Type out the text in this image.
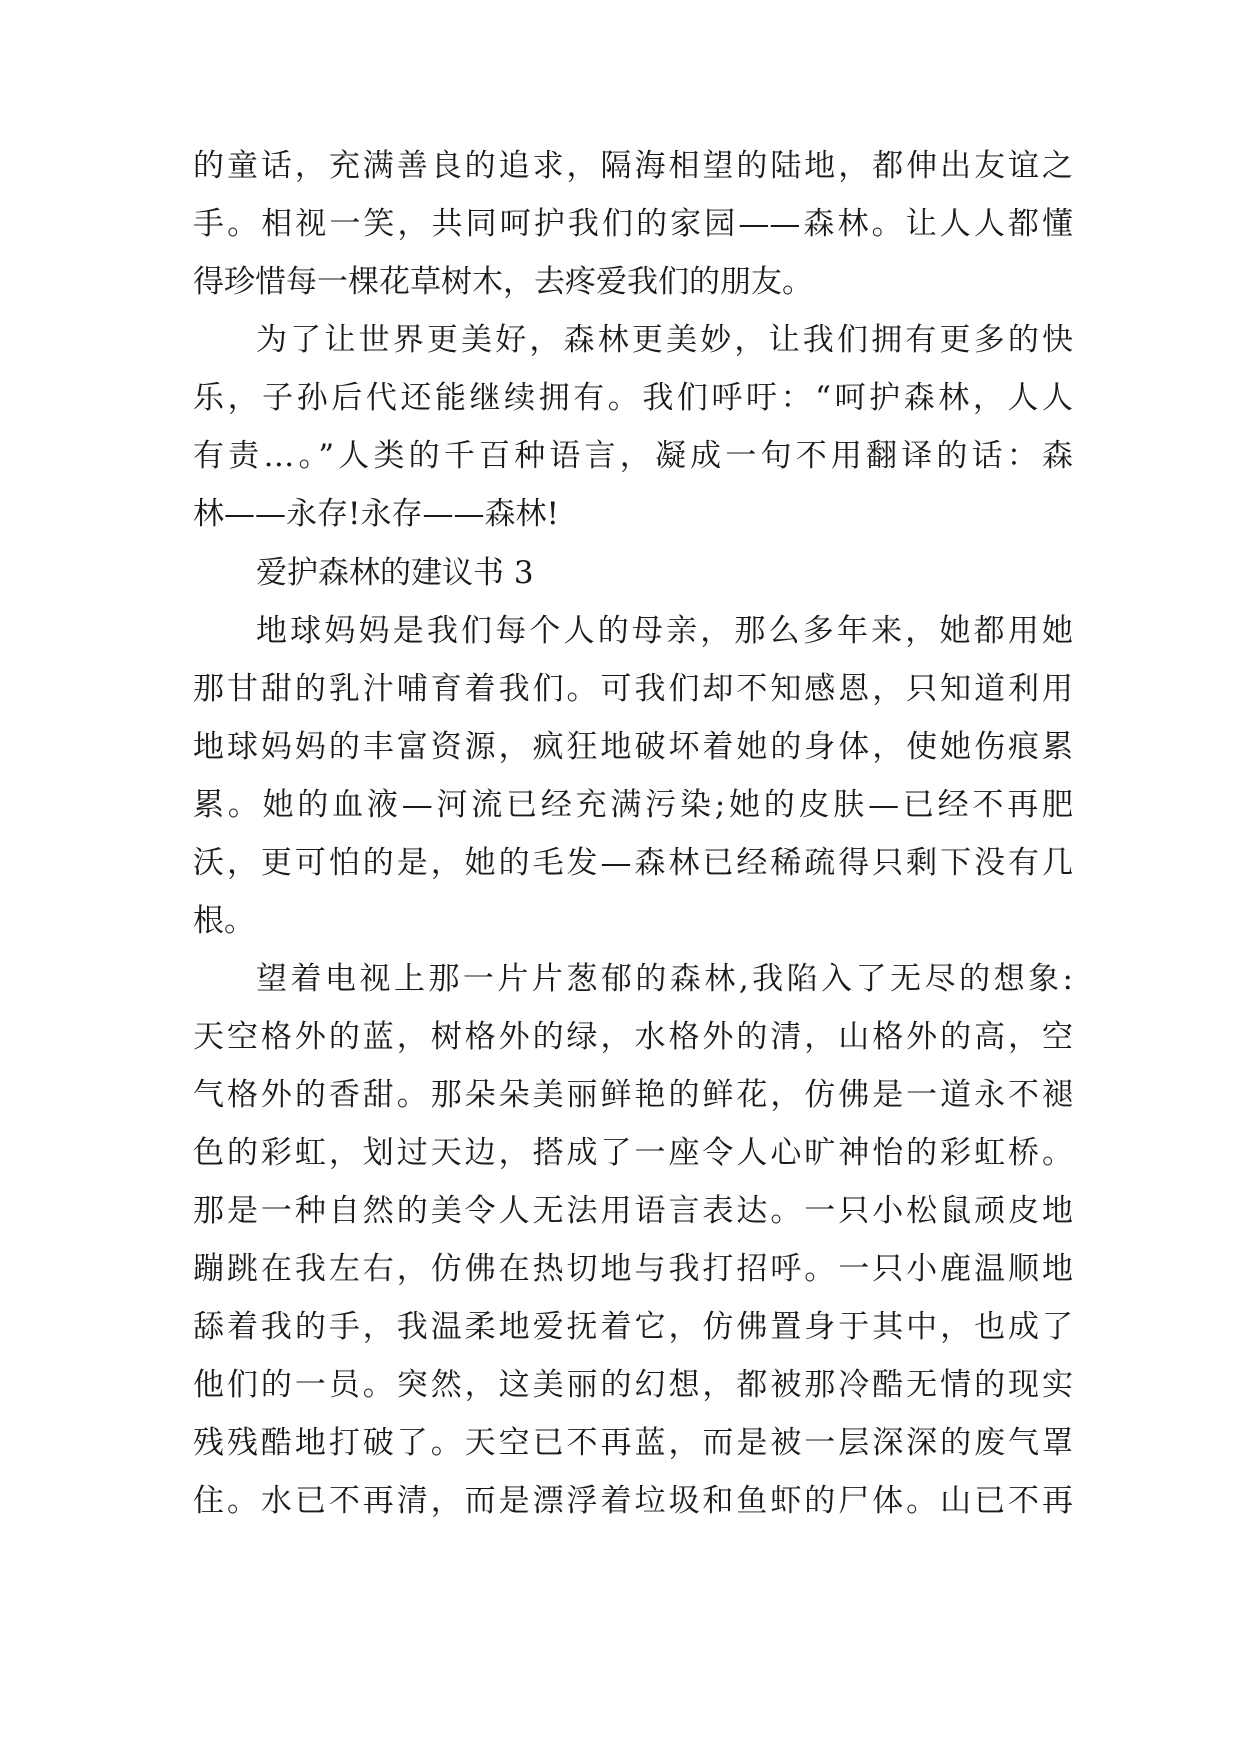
的童话，充满善良的追求，隔海相望的陆地，都伸出友谊之
手。相视一笑，共同呵护我们的家园——森林。让人人都懂
得珍惜每一棵花草树木，去疼爱我们的朋友。
为了让世界更美好，森林更美妙，让我们拥有更多的快
乐，子孙后代还能继续拥有。我们呼吁：“呵护森林，人人
有责…。”人类的千百种语言，凝成一句不用翻译的话：森
林——永存!永存——森林!
爱护森林的建议书 3
地球妈妈是我们每个人的母亲，那么多年来，她都用她
那甘甜的乳汁哺育着我们。可我们却不知感恩，只知道利用
地球妈妈的丰富资源，疯狂地破坏着她的身体，使她伤痕累
累。她的血液—河流已经充满污染;她的皮肤—已经不再肥
沃，更可怕的是，她的毛发—森林已经稀疏得只剩下没有几
根。
望着电视上那一片片葱郁的森林,我陷入了无尽的想象:
天空格外的蓝，树格外的绿，水格外的清，山格外的高，空
气格外的香甜。那朵朵美丽鲜艳的鲜花，仿佛是一道永不褪
色的彩虹，划过天边，搭成了一座令人心旷神怡的彩虹桥。
那是一种自然的美令人无法用语言表达。一只小松鼠顽皮地
蹦跳在我左右，仿佛在热切地与我打招呼。一只小鹿温顺地
舔着我的手，我温柔地爱抚着它，仿佛置身于其中，也成了
他们的一员。突然，这美丽的幻想，都被那冷酷无情的现实
残残酷地打破了。天空已不再蓝，而是被一层深深的废气罩
住。水已不再清，而是漂浮着垃圾和鱼虾的尸体。山已不再
